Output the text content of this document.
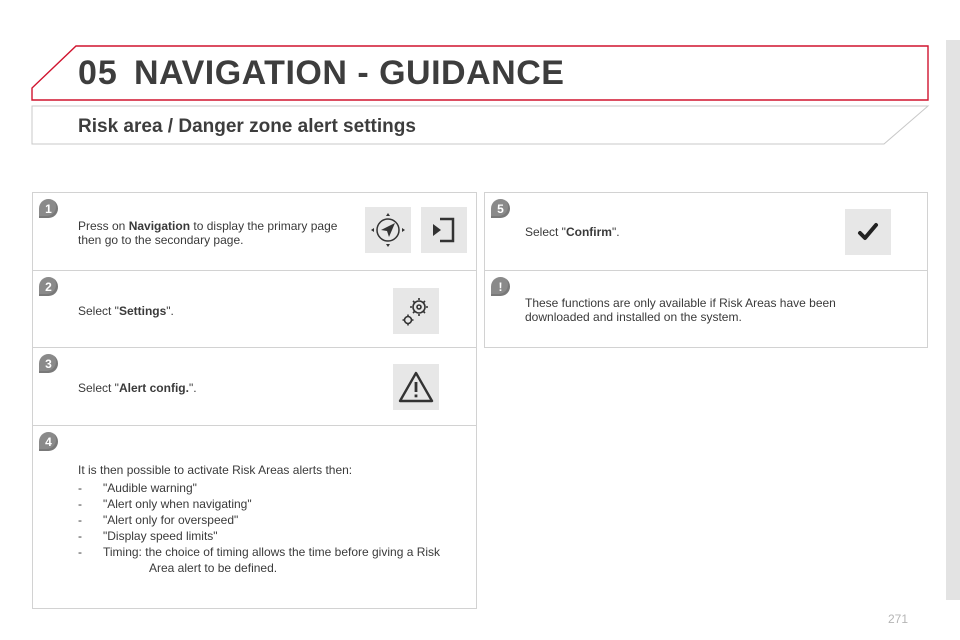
05 NAVIGATION - GUIDANCE
Risk area / Danger zone alert settings
1
Press on Navigation to display the primary page then go to the secondary page.
2
Select "Settings".
3
Select "Alert config.".
4
It is then possible to activate Risk Areas alerts then:
- "Audible warning"
- "Alert only when navigating"
- "Alert only for overspeed"
- "Display speed limits"
- Timing: the choice of timing allows the time before giving a Risk
Area alert to be defined.
5
Select "Confirm".
!
These functions are only available if Risk Areas have been downloaded and installed on the system.
271
